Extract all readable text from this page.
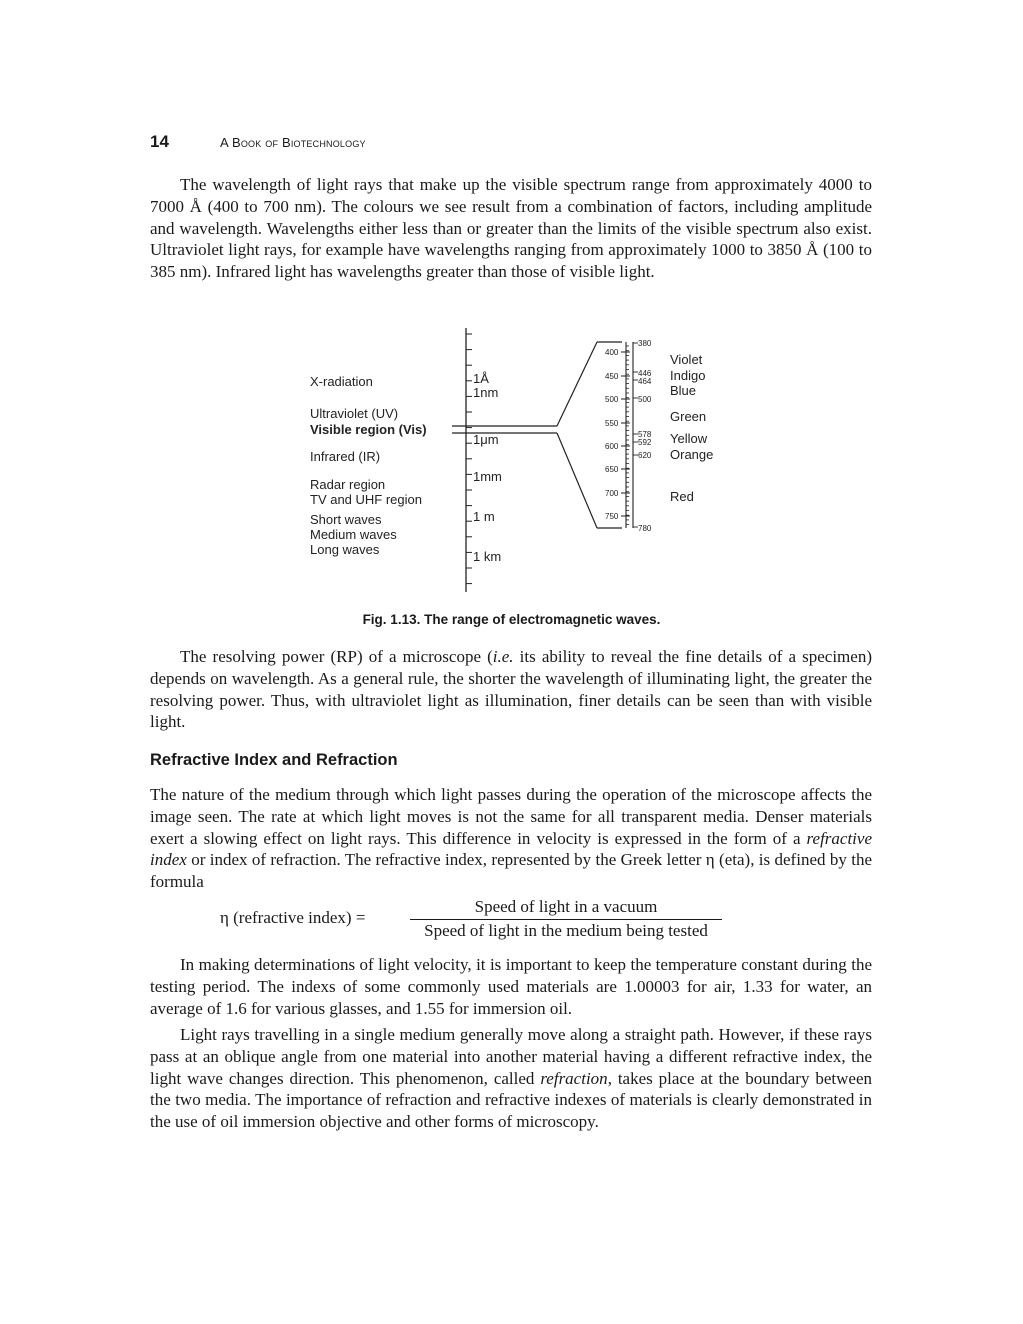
14	A Book of Biotechnology

The wavelength of light rays that make up the visible spectrum range from approximately 4000 to 7000 Å (400 to 700 nm). The colours we see result from a combination of factors, including amplitude and wavelength. Wavelengths either less than or greater than the limits of the visible spectrum also exist. Ultraviolet light rays, for example have wavelengths ranging from approximately 1000 to 3850 Å (100 to 385 nm). Infrared light has wavelengths greater than those of visible light.

X-radiation
Ultraviolet (UV)
Visible region (Vis)
Infrared (IR)
Radar region
TV and UHF region
Short waves
Medium waves
Long waves
1Å
1nm
1μm
1mm
1 m
1 km
400
450
500
550
600
650
700
750
380
446
464
500
578
592
620
780
Violet
Indigo
Blue
Green
Yellow
Orange
Red
Fig. 1.13. The range of electromagnetic waves.

The resolving power (RP) of a microscope (i.e. its ability to reveal the fine details of a specimen) depends on wavelength. As a general rule, the shorter the wavelength of illuminating light, the greater the resolving power. Thus, with ultraviolet light as illumination, finer details can be seen than with visible light.

Refractive Index and Refraction

The nature of the medium through which light passes during the operation of the microscope affects the image seen. The rate at which light moves is not the same for all transparent media. Denser materials exert a slowing effect on light rays. This difference in velocity is expressed in the form of a refractive index or index of refraction. The refractive index, represented by the Greek letter η (eta), is defined by the formula

η (refractive index) =
Speed of light in a vacuum
Speed of light in the medium being tested

In making determinations of light velocity, it is important to keep the temperature constant during the testing period. The indexs of some commonly used materials are 1.00003 for air, 1.33 for water, an average of 1.6 for various glasses, and 1.55 for immersion oil.

Light rays travelling in a single medium generally move along a straight path. However, if these rays pass at an oblique angle from one material into another material having a different refractive index, the light wave changes direction. This phenomenon, called refraction, takes place at the boundary between the two media. The importance of refraction and refractive indexes of materials is clearly demonstrated in the use of oil immersion objective and other forms of microscopy.
